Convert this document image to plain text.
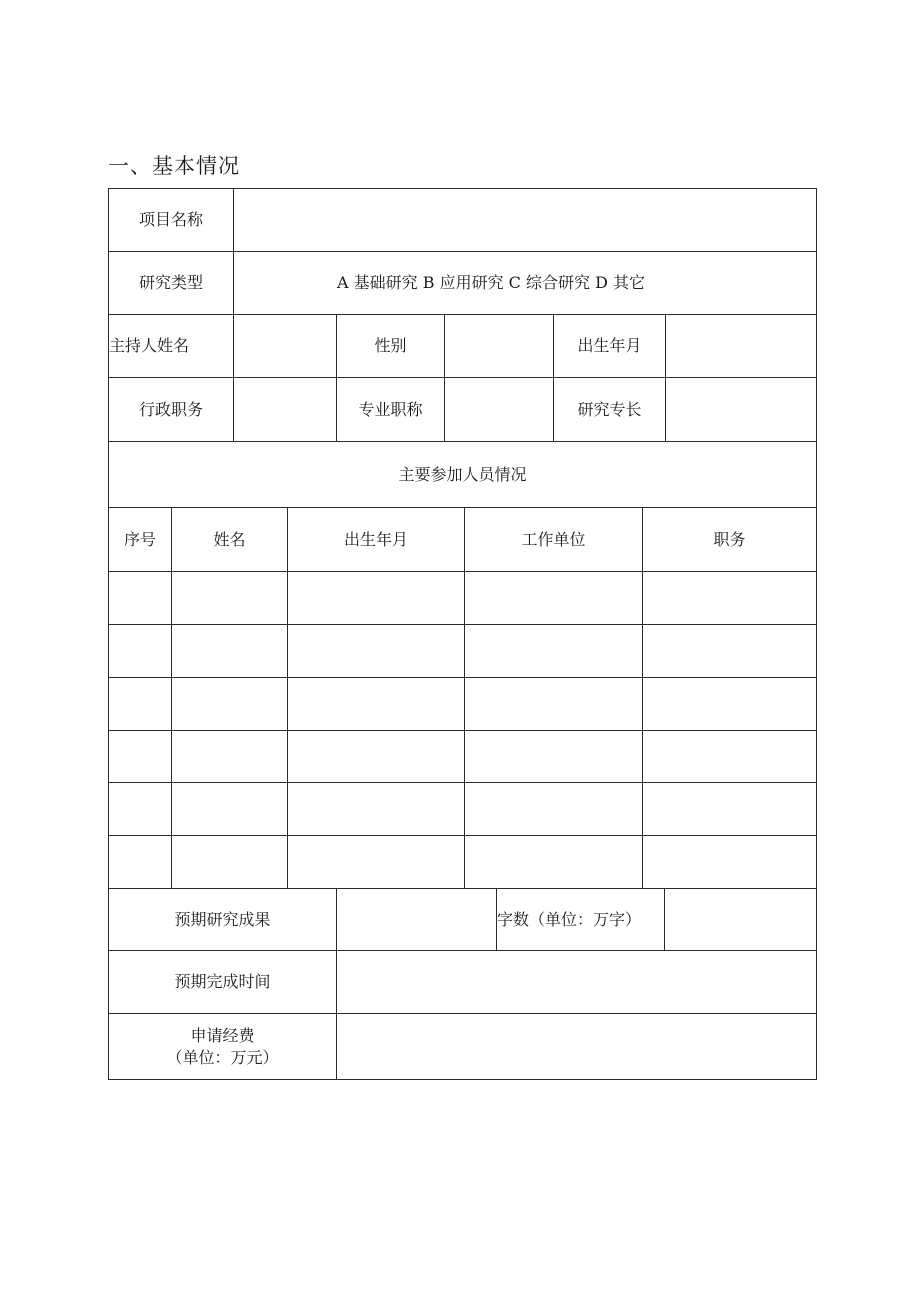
一、基本情况
项目名称
研究类型	A 基础研究 B 应用研究 C 综合研究 D 其它
主持人姓名	性别	出生年月
行政职务	专业职称	研究专长
主要参加人员情况
序号	姓名	出生年月	工作单位	职务
预期研究成果	字数（单位：万字）
预期完成时间
申请经费
（单位：万元）
